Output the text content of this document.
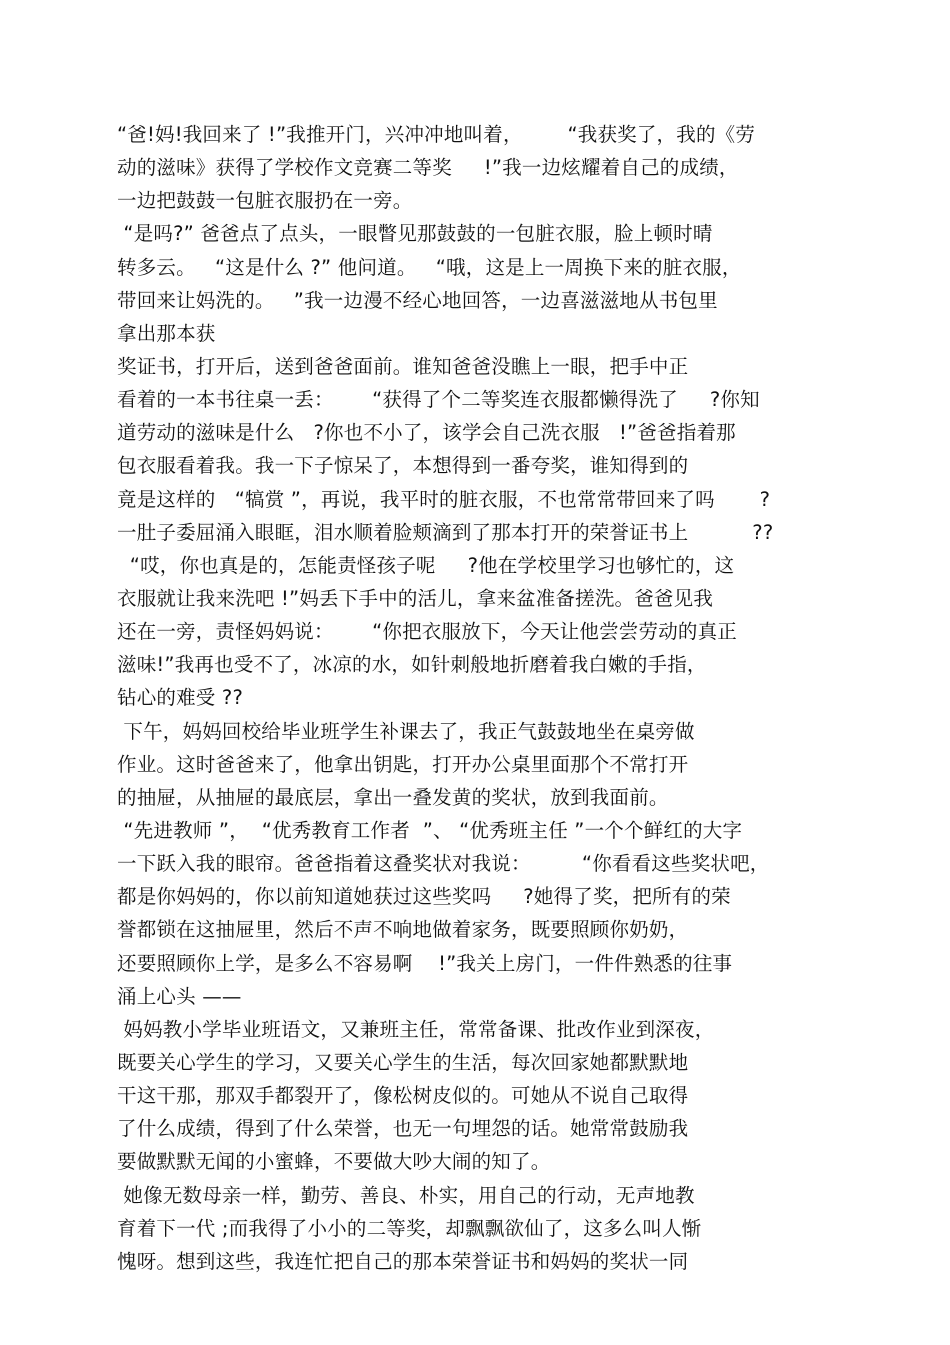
“爸!妈!我回来了 !”我推开门，兴冲冲地叫着，       “我获奖了，我的《劳
动的滋味》获得了学校作文竞赛二等奖     !”我一边炫耀着自己的成绩，
一边把鼓鼓一包脏衣服扔在一旁。
“是吗?” 爸爸点了点头，一眼瞥见那鼓鼓的一包脏衣服，脸上顿时晴
转多云。   “这是什么 ?” 他问道。   “哦，这是上一周换下来的脏衣服，
带回来让妈洗的。   ”我一边漫不经心地回答，一边喜滋滋地从书包里
拿出那本获
奖证书，打开后，送到爸爸面前。谁知爸爸没瞧上一眼，把手中正
看着的一本书往桌一丢：      “获得了个二等奖连衣服都懒得洗了     ?你知
道劳动的滋味是什么   ?你也不小了，该学会自己洗衣服   !”爸爸指着那
包衣服看着我。我一下子惊呆了，本想得到一番夸奖，谁知得到的
竟是这样的   “犒赏 ”，再说，我平时的脏衣服，不也常常带回来了吗       ?
一肚子委屈涌入眼眶，泪水顺着脸颊滴到了那本打开的荣誉证书上          ??
“哎，你也真是的，怎能责怪孩子呢     ?他在学校里学习也够忙的，这
衣服就让我来洗吧 !”妈丢下手中的活儿，拿来盆准备搓洗。爸爸见我
还在一旁，责怪妈妈说：      “你把衣服放下，今天让他尝尝劳动的真正
滋味!”我再也受不了，冰凉的水，如针刺般地折磨着我白嫩的手指，
钻心的难受 ??
下午，妈妈回校给毕业班学生补课去了，我正气鼓鼓地坐在桌旁做
作业。这时爸爸来了，他拿出钥匙，打开办公桌里面那个不常打开
的抽屉，从抽屉的最底层，拿出一叠发黄的奖状，放到我面前。
“先进教师 ”，  “优秀教育工作者  ”、 “优秀班主任 ”一个个鲜红的大字
一下跃入我的眼帘。爸爸指着这叠奖状对我说：        “你看看这些奖状吧，
都是你妈妈的，你以前知道她获过这些奖吗     ?她得了奖，把所有的荣
誉都锁在这抽屉里，然后不声不响地做着家务，既要照顾你奶奶，
还要照顾你上学，是多么不容易啊    !”我关上房门，一件件熟悉的往事
涌上心头 ——
妈妈教小学毕业班语文，又兼班主任，常常备课、批改作业到深夜，
既要关心学生的学习，又要关心学生的生活，每次回家她都默默地
干这干那，那双手都裂开了，像松树皮似的。可她从不说自己取得
了什么成绩，得到了什么荣誉，也无一句埋怨的话。她常常鼓励我
要做默默无闻的小蜜蜂，不要做大吵大闹的知了。
她像无数母亲一样，勤劳、善良、朴实，用自己的行动，无声地教
育着下一代 ;而我得了小小的二等奖，却飘飘欲仙了，这多么叫人惭
愧呀。想到这些，我连忙把自己的那本荣誉证书和妈妈的奖状一同
